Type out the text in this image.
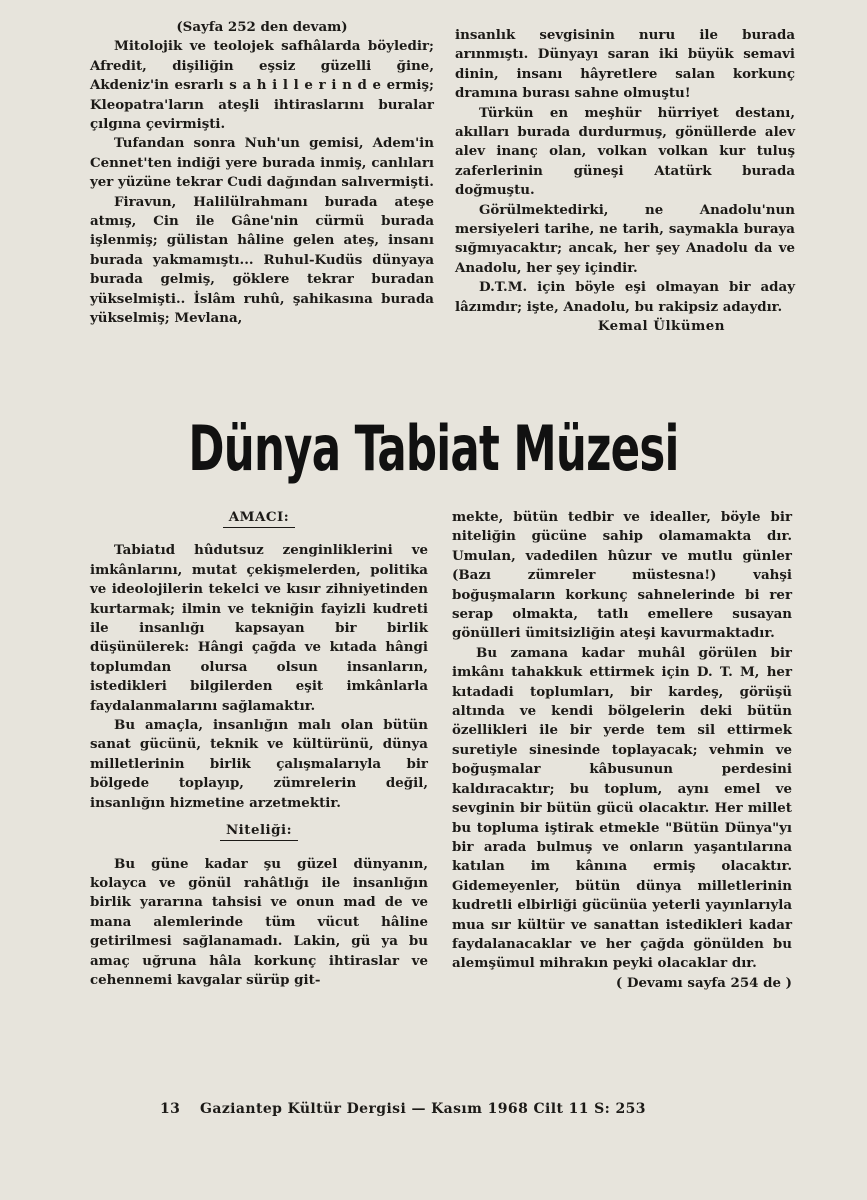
(Sayfa 252 den devam)

Mitolojik ve teolojek safhâlarda böyledir; Afredit, dişiliğin eşsiz güzelli ğine, Akdeniz'in esrarlı s a h i l l e r i n d e ermiş; Kleopatra'ların ateşli ihtiraslarını buralar çılgına çevirmişti.

Tufandan sonra Nuh'un gemisi, Adem'in Cennet'ten indiği yere burada inmiş, canlıları yer yüzüne tekrar Cudi dağından salıvermişti.

Firavun, Halilülrahmanı burada ateşe atmış, Cin ile Gâne'nin cürmü burada işlenmiş; gülistan hâline gelen ateş, insanı burada yakmamıştı... Ruhul-Kudüs dünyaya burada gelmiş, göklere tekrar buradan yükselmişti.. İslâm ruhû, şahikasına burada yükselmiş; Mevlana,

insanlık sevgisinin nuru ile burada arınmıştı. Dünyayı saran iki büyük semavi dinin, insanı hâyretlere salan korkunç dramına burası sahne olmuştu!

Türkün en meşhür hürriyet destanı, akılları burada durdurmuş, gönüllerde alev alev inanç olan, volkan volkan kur tuluş zaferlerinin güneşi Atatürk burada doğmuştu.

Görülmektedirki, ne Anadolu'nun mersiyeleri tarihe, ne tarih, saymakla buraya sığmıyacaktır; ancak, her şey Anadolu da ve Anadolu, her şey içindir.

D.T.M. için böyle eşi olmayan bir aday lâzımdır; işte, Anadolu, bu rakipsiz adaydır.

Kemal Ülkümen

Dünya Tabiat Müzesi
AMACI:

Tabiatıd hûdutsuz zenginliklerini ve imkânlarını, mutat çekişmelerden, politika ve ideolojilerin tekelci ve kısır zihniyetinden kurtarmak; ilmin ve tekniğin fayizli kudreti ile insanlığı kapsayan bir birlik düşünülerek: Hângi çağda ve kıtada hângi toplumdan olursa olsun insanların, istedikleri bilgilerden eşit imkânlarla faydalanmalarını sağlamaktır.

Bu amaçla, insanlığın malı olan bütün sanat gücünü, teknik ve kültürünü, dünya milletlerinin birlik çalışmalarıyla bir bölgede toplayıp, zümrelerin değil, insanlığın hizmetine arzetmektir.

Niteliği:

Bu güne kadar şu güzel dünyanın, kolayca ve gönül rahâtlığı ile insanlığın birlik yararına tahsisi ve onun mad de ve mana alemlerinde tüm vücut hâline getirilmesi sağlanamadı. Lakin, gü ya bu amaç uğruna hâla korkunç ihtiraslar ve cehennemi kavgalar sürüp git-

mekte, bütün tedbir ve idealler, böyle bir niteliğin gücüne sahip olamamakta dır. Umulan, vadedilen hûzur ve mutlu günler (Bazı zümreler müstesna!) vahşi boğuşmaların korkunç sahnelerinde bi rer serap olmakta, tatlı emellere susayan gönülleri ümitsizliğin ateşi kavurmaktadır.

Bu zamana kadar muhâl görülen bir imkânı tahakkuk ettirmek için D. T. M, her kıtadadi toplumları, bir kardeş, görüşü altında ve kendi bölgelerin deki bütün özellikleri ile bir yerde tem sil ettirmek suretiyle sinesinde toplayacak; vehmin ve boğuşmalar kâbusunun perdesini kaldıracaktır; bu toplum, aynı emel ve sevginin bir bütün gücü olacaktır. Her millet bu topluma iştirak etmekle "Bütün Dünya"yı bir arada bulmuş ve onların yaşantılarına katılan im kânına ermiş olacaktır. Gidemeyenler, bütün dünya milletlerinin kudretli elbirliği gücünüa yeterli yayınlarıyla mua sır kültür ve sanattan istedikleri kadar faydalanacaklar ve her çağda gönülden bu alemşümul mihrakın peyki olacaklar dır.

( Devamı sayfa 254 de )

13	Gaziantep Kültür Dergisi — Kasım 1968 Cilt 11 S: 253
